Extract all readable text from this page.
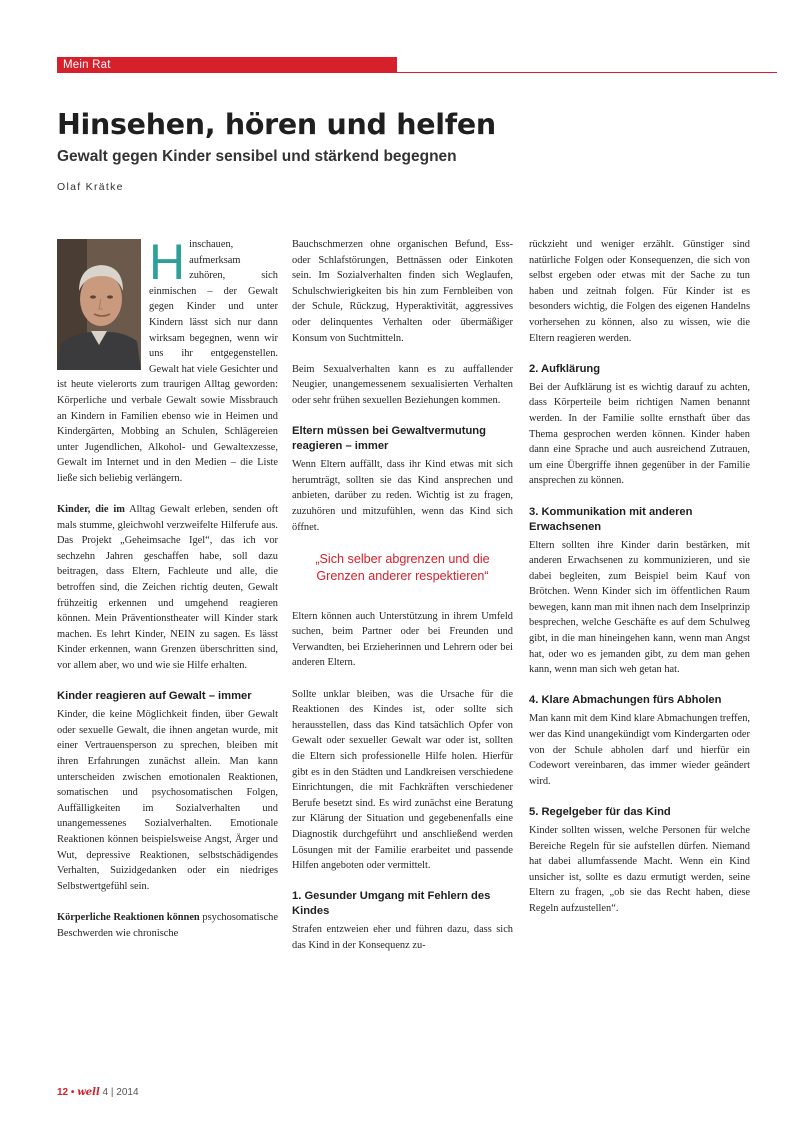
Mein Rat
Hinsehen, hören und helfen
Gewalt gegen Kinder sensibel und stärkend begegnen
Olaf Krätke
H inschauen, aufmerksam zuhören, sich einmischen – der Gewalt gegen Kinder und unter Kindern lässt sich nur dann wirksam begegnen, wenn wir uns ihr entgegenstellen. Gewalt hat viele Gesichter und ist heute vielerorts zum traurigen Alltag geworden: Körperliche und verbale Gewalt sowie Missbrauch an Kindern in Familien ebenso wie in Heimen und Kindergärten, Mobbing an Schulen, Schlägereien unter Jugendlichen, Alkohol- und Gewaltexzesse, Gewalt im Internet und in den Medien – die Liste ließe sich beliebig verlängern.

Kinder, die im Alltag Gewalt erleben, senden oft mals stumme, gleichwohl verzweifelte Hilferufe aus. Das Projekt „Geheimsache Igel“, das ich vor sechzehn Jahren geschaffen habe, soll dazu beitragen, dass Eltern, Fachleute und alle, die betroffen sind, die Zeichen richtig deuten, Gewalt frühzeitig erkennen und umgehend reagieren können. Mein Präventionstheater will Kinder stark machen. Es lehrt Kinder, NEIN zu sagen. Es lässt Kinder erkennen, wann Grenzen überschritten sind, vor allem aber, wo und wie sie Hilfe erhalten.

Kinder reagieren auf Gewalt – immer

Kinder, die keine Möglichkeit finden, über Gewalt oder sexuelle Gewalt, die ihnen angetan wurde, mit einer Vertrauensperson zu sprechen, bleiben mit ihren Erfahrungen zunächst allein. Man kann unterscheiden zwischen emotionalen Reaktionen, somatischen und psychosomatischen Folgen, Auffälligkeiten im Sozialverhalten und unangemessenes Sozialverhalten. Emotionale Reaktionen können beispielsweise Angst, Ärger und Wut, depressive Reaktionen, selbstschädigendes Verhalten, Suizidgedanken oder ein niedriges Selbstwertgefühl sein.

Körperliche Reaktionen können psychosomatische Beschwerden wie chronische

Bauchschmerzen ohne organischen Befund, Ess- oder Schlafstörungen, Bettnässen oder Einkoten sein. Im Sozialverhalten finden sich Weglaufen, Schulschwierigkeiten bis hin zum Fernbleiben von der Schule, Rückzug, Hyperaktivität, aggressives oder delinquentes Verhalten oder übermäßiger Konsum von Suchtmitteln.

Beim Sexualverhalten kann es zu auffallender Neugier, unangemessenem sexualisierten Verhalten oder sehr frühen sexuellen Beziehungen kommen.

Eltern müssen bei Gewaltvermutung reagieren – immer

Wenn Eltern auffällt, dass ihr Kind etwas mit sich herumträgt, sollten sie das Kind ansprechen und anbieten, darüber zu reden. Wichtig ist zu fragen, zuzuhören und mitzufühlen, wenn das Kind sich öffnet.

„Sich selber abgrenzen und die Grenzen anderer respektieren“

Eltern können auch Unterstützung in ihrem Umfeld suchen, beim Partner oder bei Freunden und Verwandten, bei Erzieherinnen und Lehrern oder bei anderen Eltern.

Sollte unklar bleiben, was die Ursache für die Reaktionen des Kindes ist, oder sollte sich herausstellen, dass das Kind tatsächlich Opfer von Gewalt oder sexueller Gewalt war oder ist, sollten die Eltern sich professionelle Hilfe holen. Hierfür gibt es in den Städten und Landkreisen verschiedene Einrichtungen, die mit Fachkräften verschiedener Berufe besetzt sind. Es wird zunächst eine Beratung zur Klärung der Situation und gegebenenfalls eine Diagnostik durchgeführt und anschließend werden Lösungen mit der Familie erarbeitet und passende Hilfen angeboten oder vermittelt.

1. Gesunder Umgang mit Fehlern des Kindes

Strafen entzweien eher und führen dazu, dass sich das Kind in der Konsequenz zu-

rückzieht und weniger erzählt. Günstiger sind natürliche Folgen oder Konsequenzen, die sich von selbst ergeben oder etwas mit der Sache zu tun haben und zeitnah folgen. Für Kinder ist es besonders wichtig, die Folgen des eigenen Handelns vorhersehen zu können, also zu wissen, wie die Eltern reagieren werden.

2. Aufklärung

Bei der Aufklärung ist es wichtig darauf zu achten, dass Körperteile beim richtigen Namen benannt werden. In der Familie sollte ernsthaft über das Thema gesprochen werden können. Kinder haben dann eine Sprache und auch ausreichend Zutrauen, um eine Übergriffe ihnen gegenüber in der Familie ansprechen zu können.

3. Kommunikation mit anderen Erwachsenen

Eltern sollten ihre Kinder darin bestärken, mit anderen Erwachsenen zu kommunizieren, und sie dabei begleiten, zum Beispiel beim Kauf von Brötchen. Wenn Kinder sich im öffentlichen Raum bewegen, kann man mit ihnen nach dem Inselprinzip besprechen, welche Geschäfte es auf dem Schulweg gibt, in die man hineingehen kann, wenn man Angst hat, oder wo es jemanden gibt, zu dem man gehen kann, wenn man sich weh getan hat.

4. Klare Abmachungen fürs Abholen

Man kann mit dem Kind klare Abmachungen treffen, wer das Kind unangekündigt vom Kindergarten oder von der Schule abholen darf und hierfür ein Codewort vereinbaren, das immer wieder geändert wird.

5. Regelgeber für das Kind

Kinder sollten wissen, welche Personen für welche Bereiche Regeln für sie aufstellen dürfen. Niemand hat dabei allumfassende Macht. Wenn ein Kind unsicher ist, sollte es dazu ermutigt werden, seine Eltern zu fragen, „ob sie das Recht haben, diese Regeln aufzustellen“.

12 • well 4 | 2014
